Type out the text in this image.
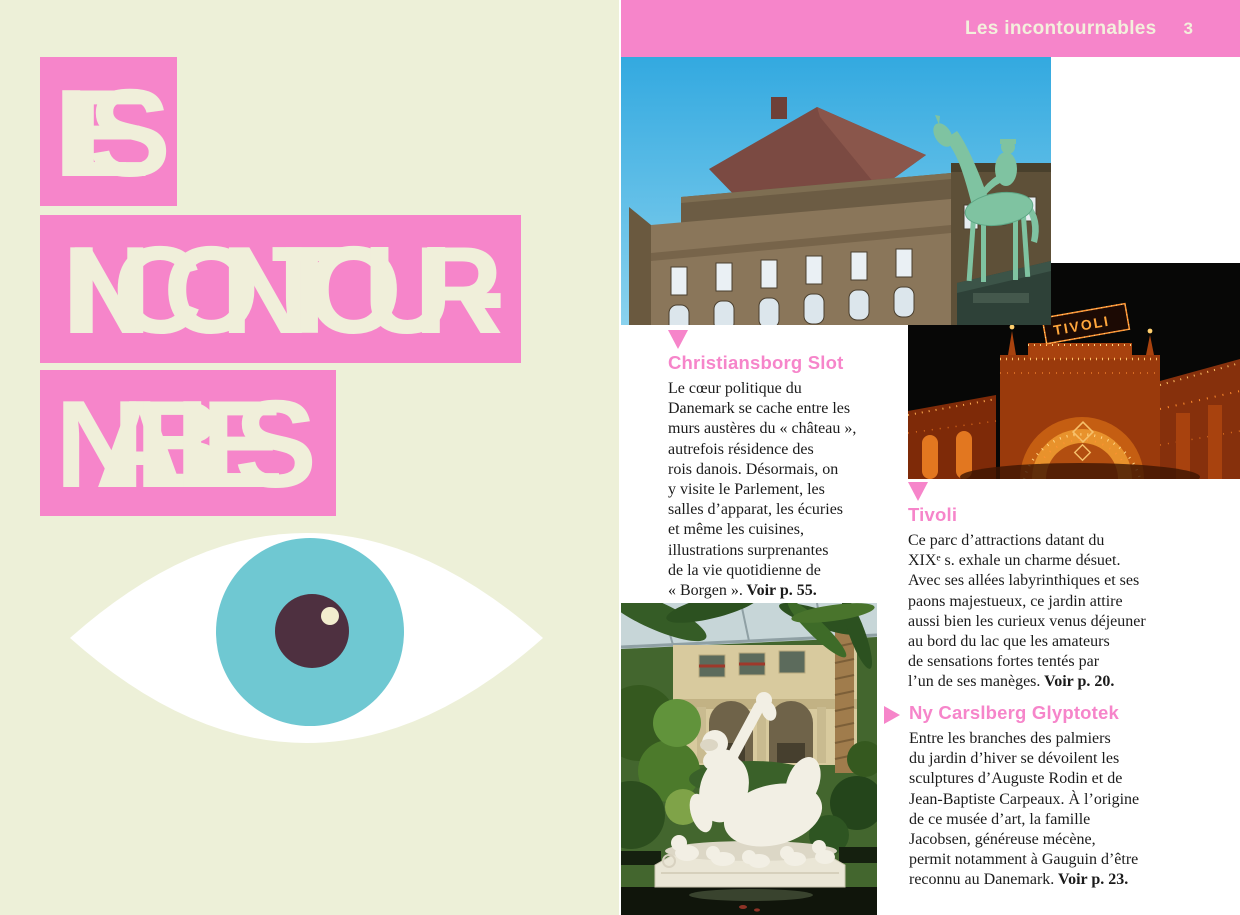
LES
INCONTOUR-
NABLES
Les incontournables 3
TIVOLI
Christiansborg Slot

Le cœur politique du
Danemark se cache entre les
murs austères du « château »,
autrefois résidence des
rois danois. Désormais, on
y visite le Parlement, les
salles d’apparat, les écuries
et même les cuisines,
illustrations surprenantes
de la vie quotidienne de
« Borgen ». Voir p. 55.

Tivoli

Ce parc d’attractions datant du
XIXᵉ s. exhale un charme désuet.
Avec ses allées labyrinthiques et ses
paons majestueux, ce jardin attire
aussi bien les curieux venus déjeuner
au bord du lac que les amateurs
de sensations fortes tentés par
l’un de ses manèges. Voir p. 20.

Ny Carslberg Glyptotek

Entre les branches des palmiers
du jardin d’hiver se dévoilent les
sculptures d’Auguste Rodin et de
Jean-Baptiste Carpeaux. À l’origine
de ce musée d’art, la famille
Jacobsen, généreuse mécène,
permit notamment à Gauguin d’être
reconnu au Danemark. Voir p. 23.
